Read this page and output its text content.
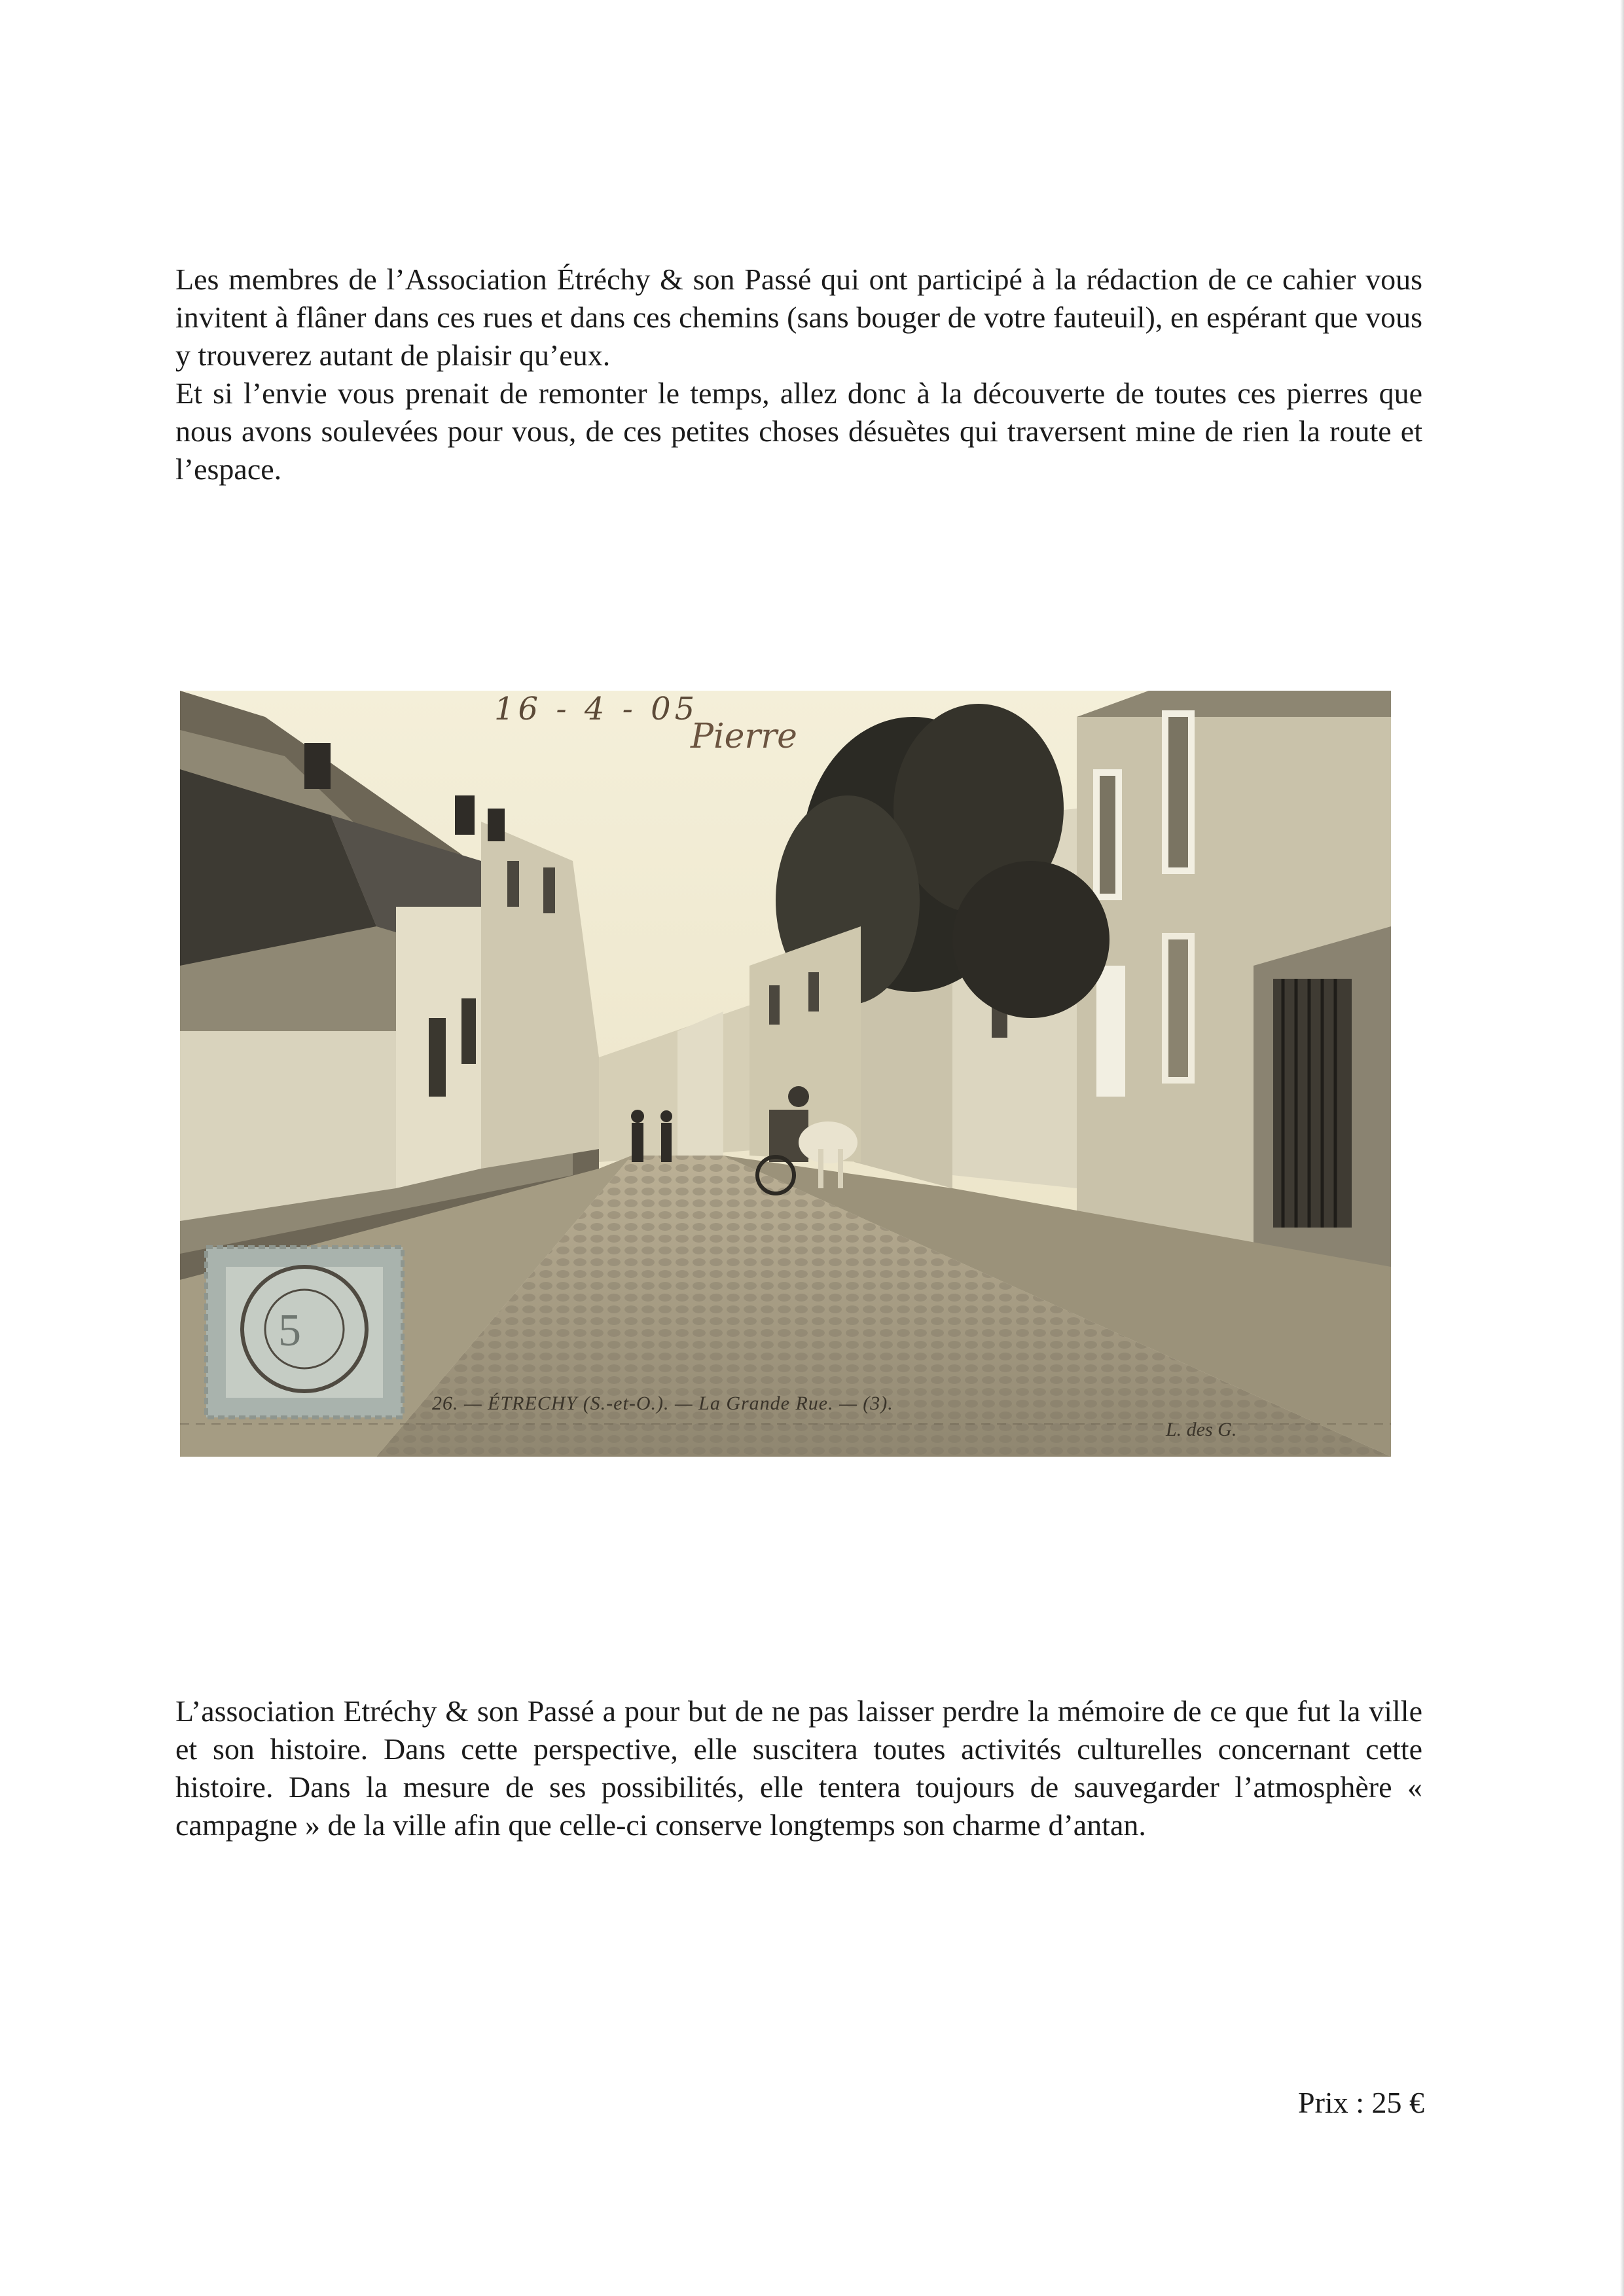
Les membres de l’Association Étréchy & son Passé qui ont participé à la rédaction de ce cahier vous invitent à flâner dans ces rues et dans ces chemins (sans bouger de votre fauteuil), en espérant que vous y trouverez autant de plaisir qu’eux.

Et si l’envie vous prenait de remonter le temps, allez donc à la découverte de toutes ces pierres que nous avons soulevées pour vous, de ces petites choses désuètes qui traversent mine de rien la route et l’espace.

5
16 - 4 - 05
Pierre
26. — ÉTRECHY (S.-et-O.). — La Grande Rue. — (3).
L. des G.

L’association Etréchy & son Passé a pour but de ne pas laisser perdre la mémoire de ce que fut la ville et son histoire. Dans cette perspective, elle suscitera toutes activités culturelles concernant cette histoire. Dans la mesure de ses possibilités, elle tentera toujours de sauvegarder l’atmosphère « campagne » de la ville afin que celle-ci conserve longtemps son charme d’antan.

Prix : 25 €
